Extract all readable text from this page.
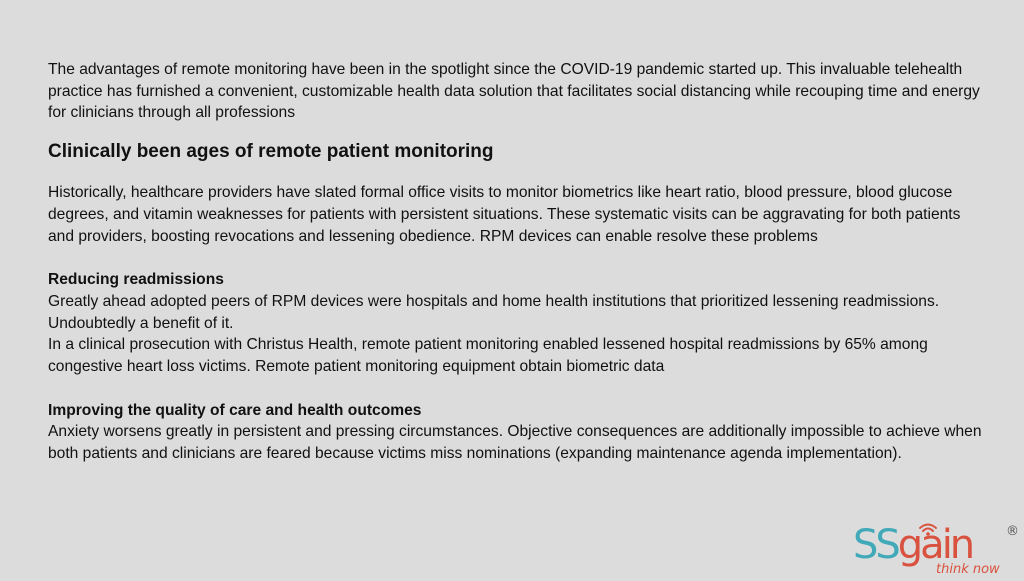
The advantages of remote monitoring have been in the spotlight since the COVID-19 pandemic started up. This invaluable telehealth practice has furnished a convenient, customizable health data solution that facilitates social distancing while recouping time and energy for clinicians through all professions

Clinically been ages of remote patient monitoring

Historically, healthcare providers have slated formal office visits to monitor biometrics like heart ratio, blood pressure, blood glucose degrees, and vitamin weaknesses for patients with persistent situations. These systematic visits can be aggravating for both patients and providers, boosting revocations and lessening obedience. RPM devices can enable resolve these problems

Reducing readmissions

Greatly ahead adopted peers of RPM devices were hospitals and home health institutions that prioritized lessening readmissions. Undoubtedly a benefit of it.

In a clinical prosecution with Christus Health, remote patient monitoring enabled lessened hospital readmissions by 65% among congestive heart loss victims. Remote patient monitoring equipment obtain biometric data

Improving the quality of care and health outcomes

Anxiety worsens greatly in persistent and pressing circumstances. Objective consequences are additionally impossible to achieve when both patients and clinicians are feared because victims miss nominations (expanding maintenance agenda implementation).

SSgain	®
think now
